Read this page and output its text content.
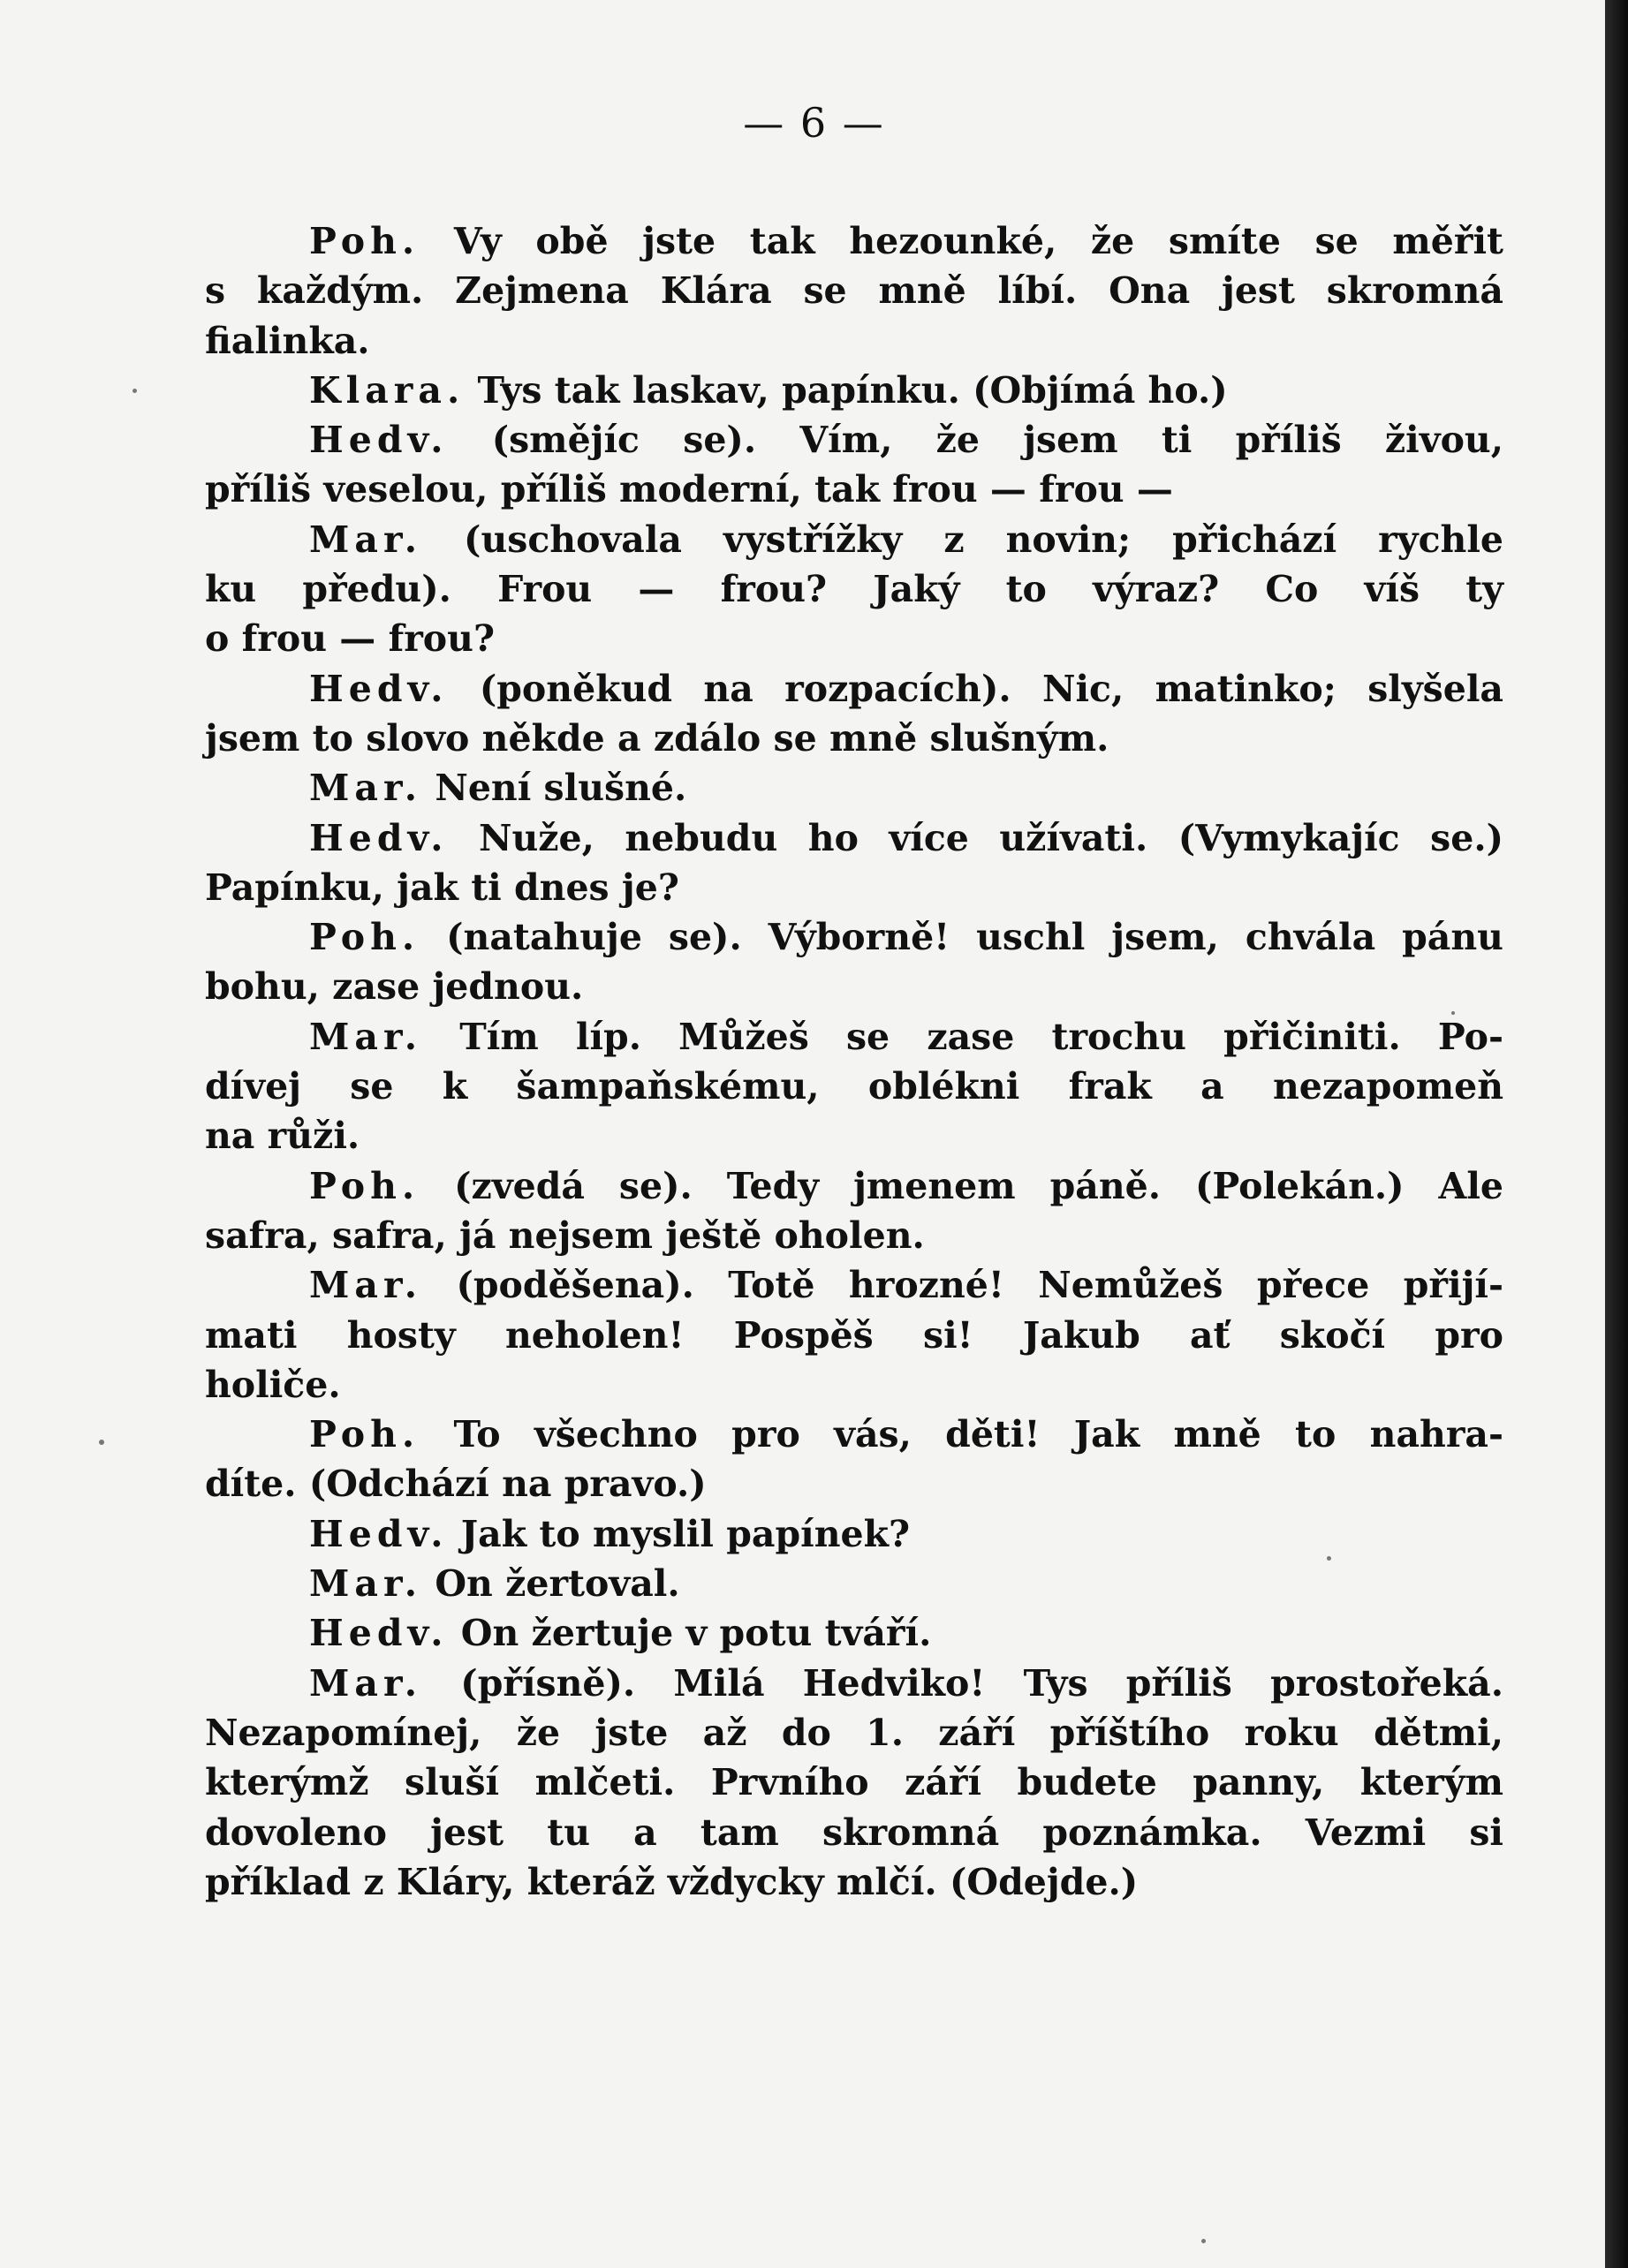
— 6 —
Poh. Vy obě jste tak hezounké, že smíte se měřit
s každým. Zejmena Klára se mně líbí. Ona jest skromná
fialinka.
Klara. Tys tak laskav, papínku. (Objímá ho.)
Hedv. (smějíc se). Vím, že jsem ti příliš živou,
příliš veselou, příliš moderní, tak frou — frou —
Mar. (uschovala vystřížky z novin; přichází rychle
ku předu). Frou — frou? Jaký to výraz? Co víš ty
o frou — frou?
Hedv. (poněkud na rozpacích). Nic, matinko; slyšela
jsem to slovo někde a zdálo se mně slušným.
Mar. Není slušné.
Hedv. Nuže, nebudu ho více užívati. (Vymykajíc se.)
Papínku, jak ti dnes je?
Poh. (natahuje se). Výborně! uschl jsem, chvála pánu
bohu, zase jednou.
Mar. Tím líp. Můžeš se zase trochu přičiniti. Po-
dívej se k šampaňskému, oblékni frak a nezapomeň
na růži.
Poh. (zvedá se). Tedy jmenem páně. (Polekán.) Ale
safra, safra, já nejsem ještě oholen.
Mar. (poděšena). Totě hrozné! Nemůžeš přece přijí-
mati hosty neholen! Pospěš si! Jakub ať skočí pro
holiče.
Poh. To všechno pro vás, děti! Jak mně to nahra-
díte. (Odchází na pravo.)
Hedv. Jak to myslil papínek?
Mar. On žertoval.
Hedv. On žertuje v potu tváří.
Mar. (přísně). Milá Hedviko! Tys příliš prostořeká.
Nezapomínej, že jste až do 1. září příštího roku dětmi,
kterýmž sluší mlčeti. Prvního září budete panny, kterým
dovoleno jest tu a tam skromná poznámka. Vezmi si
příklad z Kláry, kteráž vždycky mlčí. (Odejde.)
